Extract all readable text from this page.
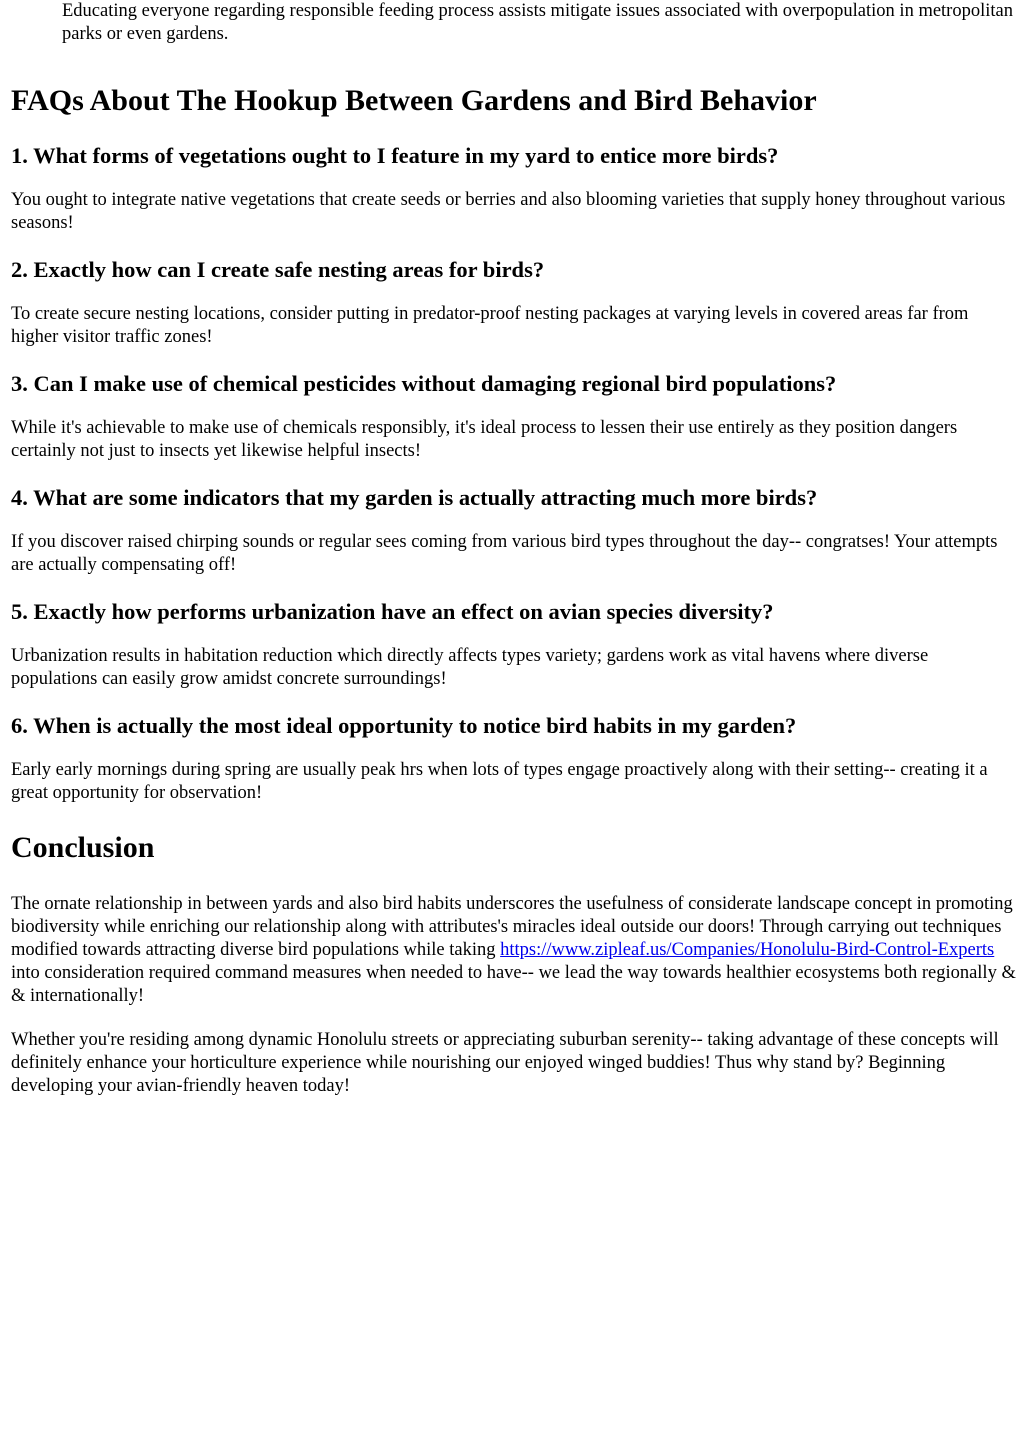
Educating everyone regarding responsible feeding process assists mitigate issues associated with overpopulation in metropolitan parks or even gardens.

FAQs About The Hookup Between Gardens and Bird Behavior
1. What forms of vegetations ought to I feature in my yard to entice more birds?

You ought to integrate native vegetations that create seeds or berries and also blooming varieties that supply honey throughout various seasons!

2. Exactly how can I create safe nesting areas for birds?

To create secure nesting locations, consider putting in predator-proof nesting packages at varying levels in covered areas far from higher visitor traffic zones!

3. Can I make use of chemical pesticides without damaging regional bird populations?

While it's achievable to make use of chemicals responsibly, it's ideal process to lessen their use entirely as they position dangers certainly not just to insects yet likewise helpful insects!

4. What are some indicators that my garden is actually attracting much more birds?

If you discover raised chirping sounds or regular sees coming from various bird types throughout the day-- congratses! Your attempts are actually compensating off!

5. Exactly how performs urbanization have an effect on avian species diversity?

Urbanization results in habitation reduction which directly affects types variety; gardens work as vital havens where diverse populations can easily grow amidst concrete surroundings!

6. When is actually the most ideal opportunity to notice bird habits in my garden?

Early early mornings during spring are usually peak hrs when lots of types engage proactively along with their setting-- creating it a great opportunity for observation!

Conclusion

The ornate relationship in between yards and also bird habits underscores the usefulness of considerate landscape concept in promoting biodiversity while enriching our relationship along with attributes's miracles ideal outside our doors! Through carrying out techniques modified towards attracting diverse bird populations while taking https://www.zipleaf.us/Companies/Honolulu-Bird-Control-Experts into consideration required command measures when needed to have-- we lead the way towards healthier ecosystems both regionally & & internationally!

Whether you're residing among dynamic Honolulu streets or appreciating suburban serenity-- taking advantage of these concepts will definitely enhance your horticulture experience while nourishing our enjoyed winged buddies! Thus why stand by? Beginning developing your avian-friendly heaven today!
